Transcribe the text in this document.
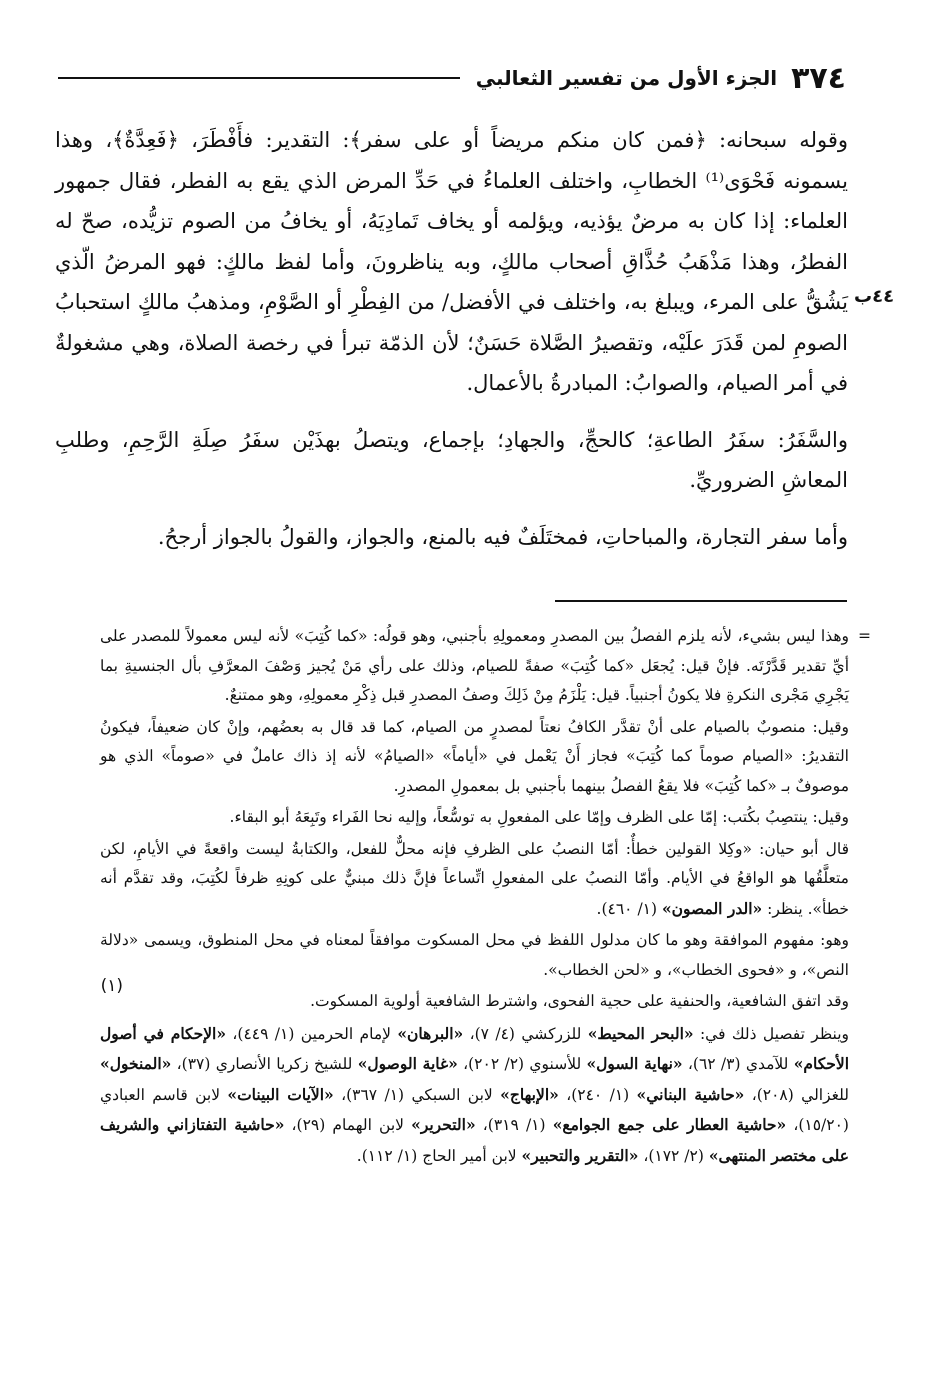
٣٧٤
الجزء الأول من تفسير الثعالبي

وقوله سبحانه: ﴿فمن كان منكم مريضاً أو على سفر﴾: التقدير: فأَفْطَرَ، ﴿فَعِدَّةٌ﴾، وهذا يسمونه فَحْوَى⁽¹⁾ الخطابِ، واختلف العلماءُ في حَدِّ المرض الذي يقع به الفطر، فقال جمهور العلماء: إذا كان به مرضٌ يؤذيه، ويؤلمه أو يخاف تَمادِيَهُ، أو يخافُ من الصوم تزيُّده، صحّ له الفطرُ، وهذا مَذْهَبُ حُذَّاقِ أصحاب مالكٍ، وبه يناظرونَ، وأما لفظ مالكٍ: فهو المرضُ الّذي يَشُقُّ على المرء، ويبلغ به، واختلف في الأفضل/ من الفِطْرِ أو الصَّوْمِ، ومذهبُ مالكٍ استحبابُ الصومِ لمن قَدَرَ علَيْه، وتقصيرُ الصَّلاة حَسَنٌ؛ لأن الذمّة تبرأ في رخصة الصلاة، وهي مشغولةٌ في أمر الصيام، والصوابُ: المبادرةُ بالأعمال.

والسَّفَرُ: سفَرُ الطاعةِ؛ كالحجِّ، والجهادِ؛ بإجماع، ويتصلُ بهذَيْن سفَرُ صِلَةِ الرَّحِمِ، وطلبِ المعاشِ الضروريِّ.

وأما سفر التجارة، والمباحاتِ، فمختَلَفٌ فيه بالمنع، والجواز، والقولُ بالجواز أرجحُ.

٤٤ب

=
وهذا ليس بشيء، لأنه يلزم الفصلُ بين المصدرِ ومعمولِهِ بأجنبي، وهو قولُه: «كما كُتِبَ» لأنه ليس معمولاً للمصدر على أيِّ تقدير قَدَّرْتَه. فإنْ قيل: يُجعَل «كما كُتِبَ» صفةً للصيام، وذلك على رأي مَنْ يُجيز وَصْفَ المعرَّفِ بأل الجنسيةِ بما يَجْرِي مَجْرى النكرةِ فلا يكونُ أجنبياً. قيل: يَلْزَمُ مِنْ ذَلِكَ وصفُ المصدرِ قبل ذِكْرِ معمولِهِ، وهو ممتنعٌ.

وقيل: منصوبٌ بالصيام على أنْ تقدَّر الكافُ نعتاً لمصدرٍ من الصيام، كما قد قال به بعضُهم، وإنْ كان ضعيفاً، فيكونُ التقديرُ: «الصيام صوماً كما كُتِبَ» فجاز أَنْ يَعْمل في «أياماً» «الصيامُ» لأنه إذ ذاك عاملٌ في «صوماً» الذي هو موصوفٌ بـ «كما كُتِبَ» فلا يقعُ الفصلُ بينهما بأجنبي بل بمعمولِ المصدرِ.

وقيل: ينتصِبُ بكُتب: إمّا على الظرف وإمّا على المفعولِ به توسُّعاً، وإليه نحا الفَراء وتَبِعَهُ أبو البقاء.

قال أبو حيان: «وكِلا القولين خطأٌ: أمّا النصبُ على الظرفِ فإنه محلٌّ للفعل، والكتابةُ ليست واقعةً في الأيامِ، لكن متعلَّقُها هو الواقعُ في الأيام. وأمّا النصبُ على المفعولِ اتِّساعاً فإنَّ ذلك مبنيٌّ على كونِهِ ظرفاً لكُتِبَ، وقد تقدَّم أنه خطأ». ينظر: «الدر المصون» (١/ ٤٦٠).

وهو: مفهوم الموافقة وهو ما كان مدلول اللفظ في محل المسكوت موافقاً لمعناه في محل المنطوق، ويسمى «دلالة النص»، و «فحوى الخطاب»، و «لحن الخطاب».

وقد اتفق الشافعية، والحنفية على حجية الفحوى، واشترط الشافعية أولوية المسكوت.

وينظر تفصيل ذلك في: «البحر المحيط» للزركشي (٤/ ٧)، «البرهان» لإمام الحرمين (١/ ٤٤٩)، «الإحكام في أصول الأحكام» للآمدي (٣/ ٦٢)، «نهاية السول» للأسنوي (٢/ ٢٠٢)، «غاية الوصول» للشيخ زكريا الأنصاري (٣٧)، «المنخول» للغزالي (٢٠٨)، «حاشية البناني» (١/ ٢٤٠)، «الإبهاج» لابن السبكي (١/ ٣٦٧)، «الآيات البينات» لابن قاسم العبادي (١٥/٢٠)، «حاشية العطار على جمع الجوامع» (١/ ٣١٩)، «التحرير» لابن الهمام (٢٩)، «حاشية التفتازاني والشريف على مختصر المنتهى» (٢/ ١٧٢)، «التقرير والتحبير» لابن أمير الحاج (١/ ١١٢).

(١)
